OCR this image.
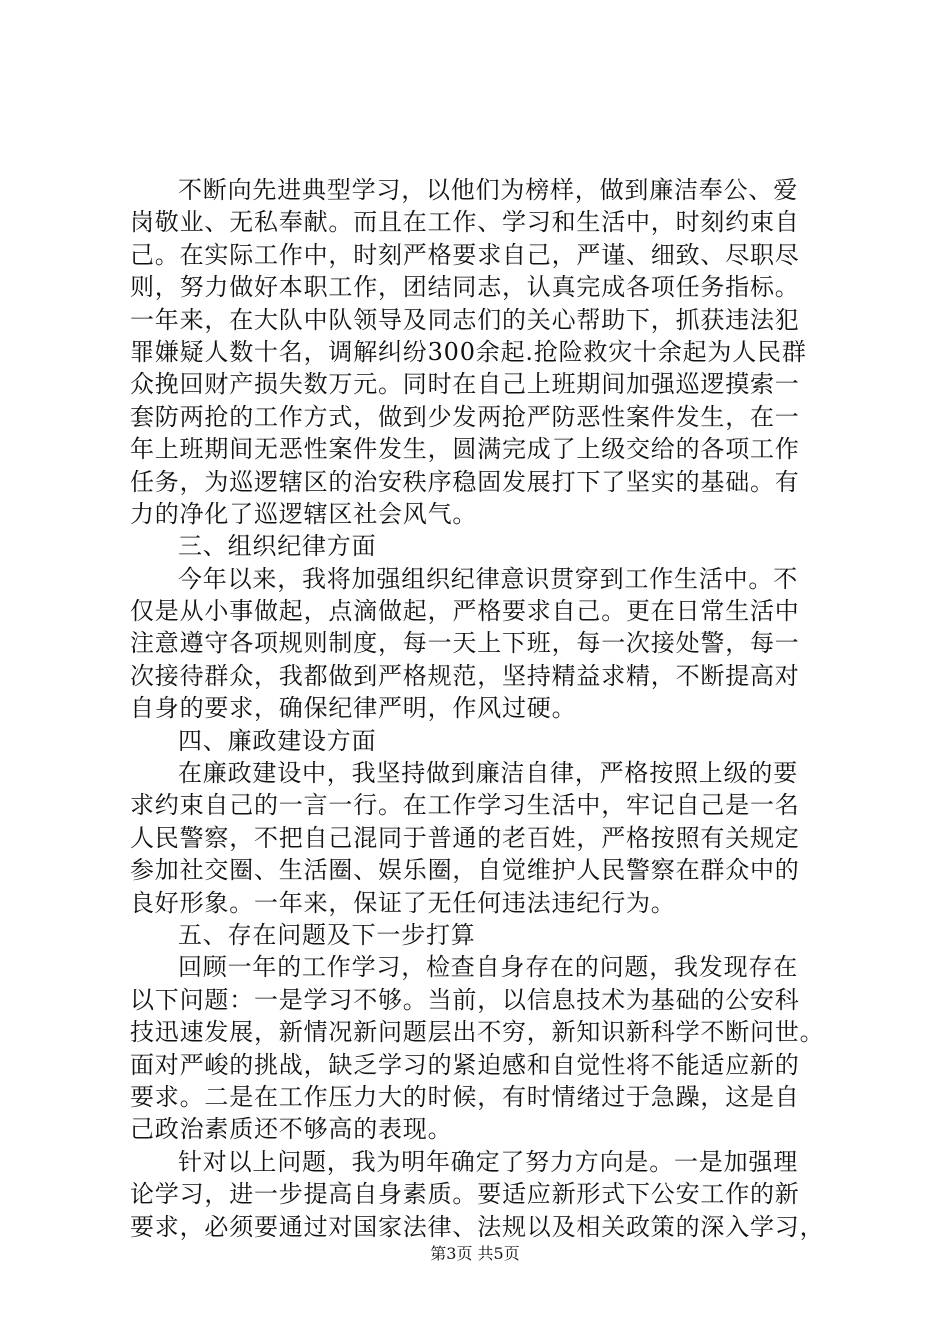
不断向先进典型学习，以他们为榜样，做到廉洁奉公、爱
岗敬业、无私奉献。而且在工作、学习和生活中，时刻约束自
己。在实际工作中，时刻严格要求自己，严谨、细致、尽职尽
则，努力做好本职工作，团结同志，认真完成各项任务指标。
一年来，在大队中队领导及同志们的关心帮助下，抓获违法犯
罪嫌疑人数十名，调解纠纷300余起.抢险救灾十余起为人民群
众挽回财产损失数万元。同时在自己上班期间加强巡逻摸索一
套防两抢的工作方式，做到少发两抢严防恶性案件发生，在一
年上班期间无恶性案件发生，圆满完成了上级交给的各项工作
任务，为巡逻辖区的治安秩序稳固发展打下了坚实的基础。有
力的净化了巡逻辖区社会风气。
三、组织纪律方面
今年以来，我将加强组织纪律意识贯穿到工作生活中。不
仅是从小事做起，点滴做起，严格要求自己。更在日常生活中
注意遵守各项规则制度，每一天上下班，每一次接处警，每一
次接待群众，我都做到严格规范，坚持精益求精，不断提高对
自身的要求，确保纪律严明，作风过硬。
四、廉政建设方面
在廉政建设中，我坚持做到廉洁自律，严格按照上级的要
求约束自己的一言一行。在工作学习生活中，牢记自己是一名
人民警察，不把自己混同于普通的老百姓，严格按照有关规定
参加社交圈、生活圈、娱乐圈，自觉维护人民警察在群众中的
良好形象。一年来，保证了无任何违法违纪行为。
五、存在问题及下一步打算
回顾一年的工作学习，检查自身存在的问题，我发现存在
以下问题：一是学习不够。当前，以信息技术为基础的公安科
技迅速发展，新情况新问题层出不穷，新知识新科学不断问世。
面对严峻的挑战，缺乏学习的紧迫感和自觉性将不能适应新的
要求。二是在工作压力大的时候，有时情绪过于急躁，这是自
己政治素质还不够高的表现。
针对以上问题，我为明年确定了努力方向是。一是加强理
论学习，进一步提高自身素质。要适应新形式下公安工作的新
要求，必须要通过对国家法律、法规以及相关政策的深入学习，
第3页 共5页
